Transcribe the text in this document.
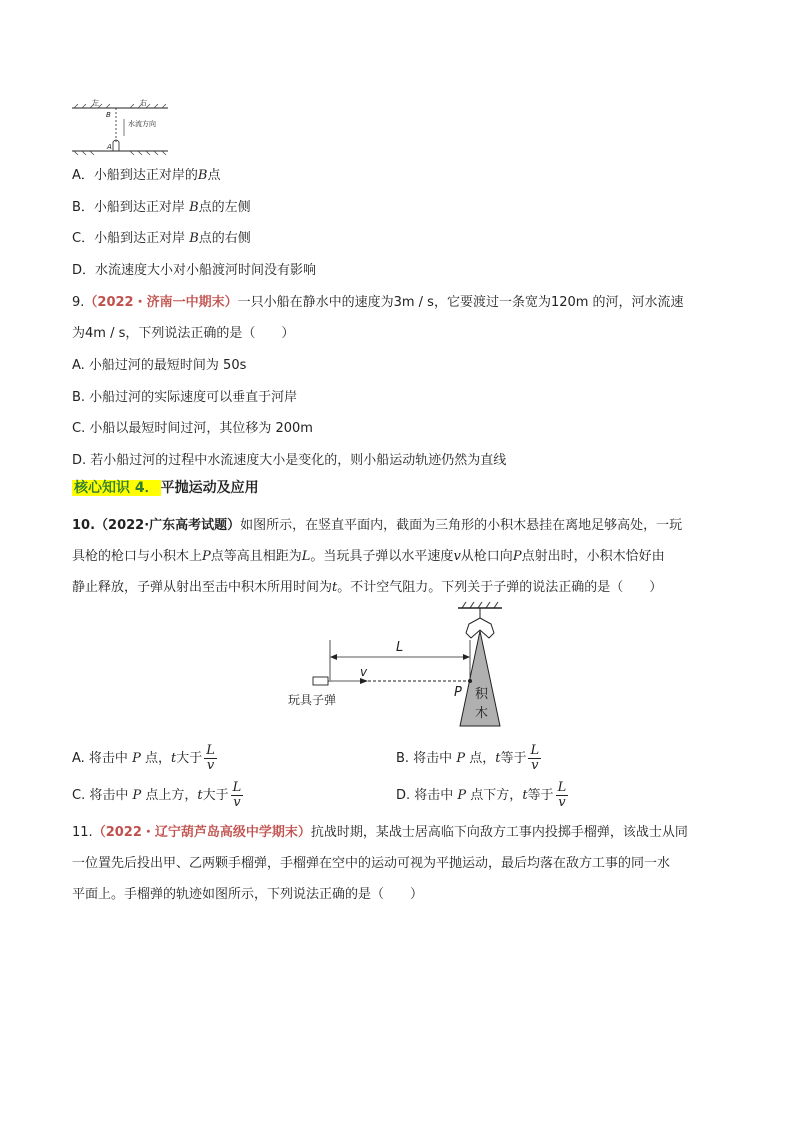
左	右
B
A
水流方向
A．小船到达正对岸的B点
B．小船到达正对岸 B点的左侧
C．小船到达正对岸 B点的右侧
D．水流速度大小对小船渡河时间没有影响
9.（2022・济南一中期末）一只小船在静水中的速度为3m / s，它要渡过一条宽为120m 的河，河水流速
为4m / s，下列说法正确的是（　　）
A. 小船过河的最短时间为 50s
B. 小船过河的实际速度可以垂直于河岸
C. 小船以最短时间过河，其位移为 200m
D. 若小船过河的过程中水流速度大小是变化的，则小船运动轨迹仍然为直线
核心知识 4． 平抛运动及应用
10.（2022·广东高考试题）如图所示，在竖直平面内，截面为三角形的小积木悬挂在离地足够高处，一玩
具枪的枪口与小积木上P点等高且相距为L。当玩具子弹以水平速度v从枪口向P点射出时，小积木恰好由
静止释放，子弹从射出至击中积木所用时间为t。不计空气阻力。下列关于子弹的说法正确的是（　　）
积
木
L
v
P
玩具子弹
A. 将击中 P 点，t大于 $\frac{L}{v}$	B. 将击中 P 点，t等于 $\frac{L}{v}$
C. 将击中 P 点上方，t大于 $\frac{L}{v}$	D. 将击中 P 点下方，t等于 $\frac{L}{v}$
11.（2022・辽宁葫芦岛高级中学期末）抗战时期，某战士居高临下向敌方工事内投掷手榴弹，该战士从同
一位置先后投出甲、乙两颗手榴弹，手榴弹在空中的运动可视为平抛运动，最后均落在敌方工事的同一水
平面上。手榴弹的轨迹如图所示，下列说法正确的是（　　）
